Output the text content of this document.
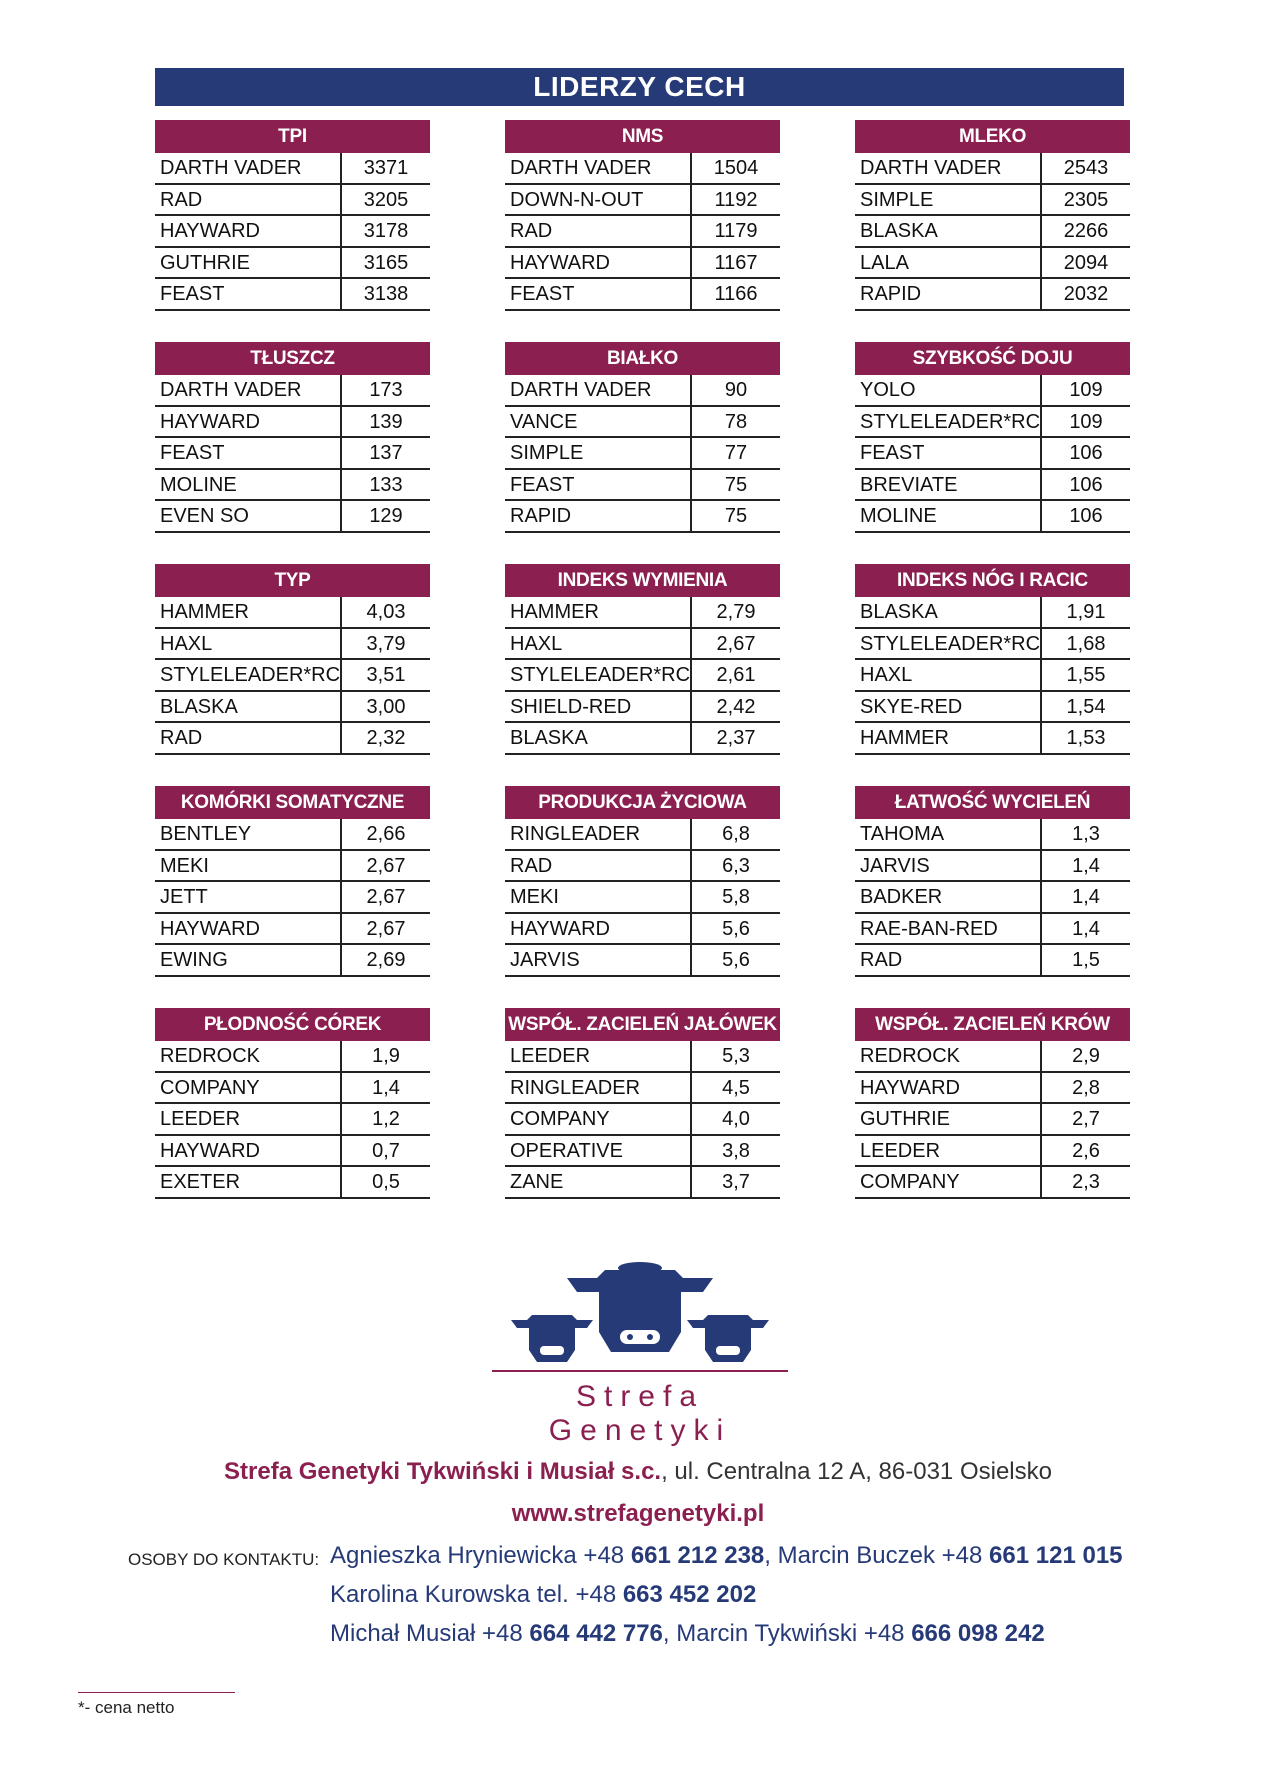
LIDERZY CECH
TPI
DARTH VADER	3371
RAD	3205
HAYWARD	3178
GUTHRIE	3165
FEAST	3138
NMS
DARTH VADER	1504
DOWN-N-OUT	1192
RAD	1179
HAYWARD	1167
FEAST	1166
MLEKO
DARTH VADER	2543
SIMPLE	2305
BLASKA	2266
LALA	2094
RAPID	2032
TŁUSZCZ
DARTH VADER	173
HAYWARD	139
FEAST	137
MOLINE	133
EVEN SO	129
BIAŁKO
DARTH VADER	90
VANCE	78
SIMPLE	77
FEAST	75
RAPID	75
SZYBKOŚĆ DOJU
YOLO	109
STYLELEADER*RC	109
FEAST	106
BREVIATE	106
MOLINE	106
TYP
HAMMER	4,03
HAXL	3,79
STYLELEADER*RC	3,51
BLASKA	3,00
RAD	2,32
INDEKS WYMIENIA
HAMMER	2,79
HAXL	2,67
STYLELEADER*RC	2,61
SHIELD-RED	2,42
BLASKA	2,37
INDEKS NÓG I RACIC
BLASKA	1,91
STYLELEADER*RC	1,68
HAXL	1,55
SKYE-RED	1,54
HAMMER	1,53
KOMÓRKI SOMATYCZNE
BENTLEY	2,66
MEKI	2,67
JETT	2,67
HAYWARD	2,67
EWING	2,69
PRODUKCJA ŻYCIOWA
RINGLEADER	6,8
RAD	6,3
MEKI	5,8
HAYWARD	5,6
JARVIS	5,6
ŁATWOŚĆ WYCIELEŃ
TAHOMA	1,3
JARVIS	1,4
BADKER	1,4
RAE-BAN-RED	1,4
RAD	1,5
PŁODNOŚĆ CÓREK
REDROCK	1,9
COMPANY	1,4
LEEDER	1,2
HAYWARD	0,7
EXETER	0,5
WSPÓŁ. ZACIELEŃ JAŁÓWEK
LEEDER	5,3
RINGLEADER	4,5
COMPANY	4,0
OPERATIVE	3,8
ZANE	3,7
WSPÓŁ. ZACIELEŃ KRÓW
REDROCK	2,9
HAYWARD	2,8
GUTHRIE	2,7
LEEDER	2,6
COMPANY	2,3
Strefa Genetyki
Strefa Genetyki Tykwiński i Musiał s.c., ul. Centralna 12 A, 86-031 Osielsko
www.strefagenetyki.pl
OSOBY DO KONTAKTU: Agnieszka Hryniewicka +48 661 212 238, Marcin Buczek +48 661 121 015
Karolina Kurowska tel. +48 663 452 202
Michał Musiał +48 664 442 776, Marcin Tykwiński +48 666 098 242
*- cena netto
